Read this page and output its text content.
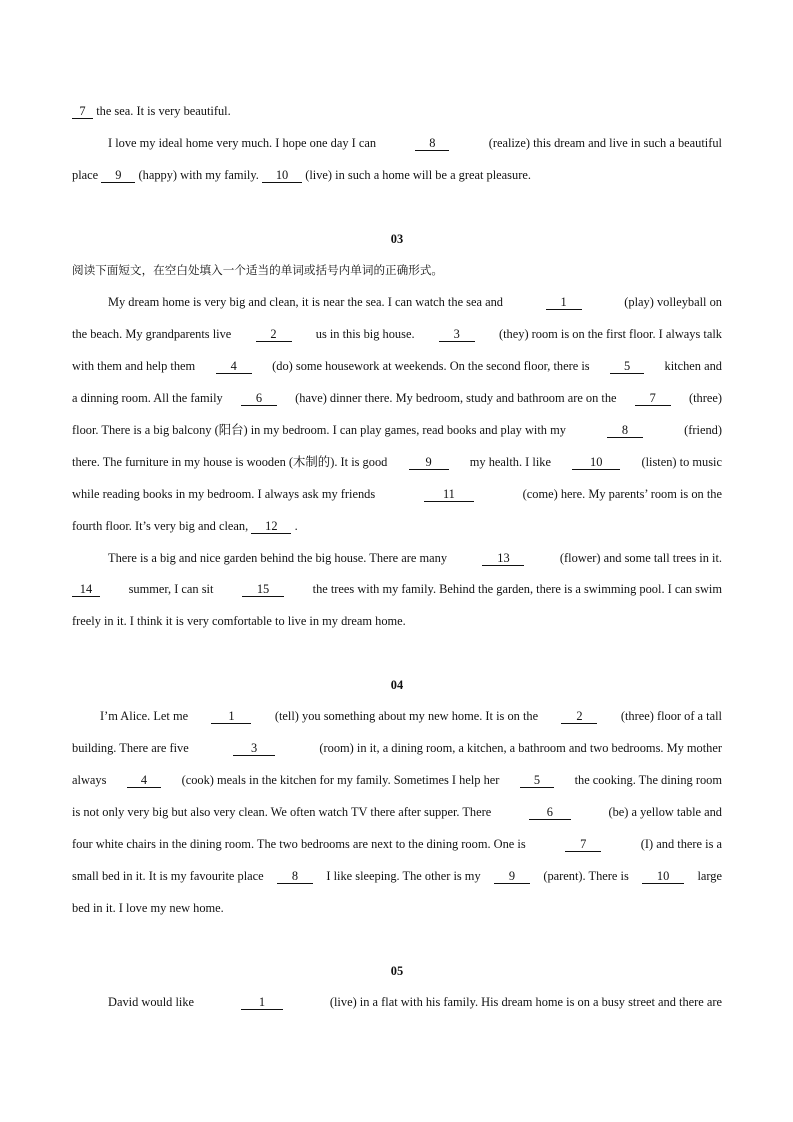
7 the sea. It is very beautiful.
I love my ideal home very much. I hope one day I can	8	(realize) this dream and live in such a beautiful
place	9	(happy) with my family.	10	(live) in such a home will be a great pleasure.
03
阅读下面短文，在空白处填入一个适当的单词或括号内单词的正确形式。
My dream home is very big and clean, it is near the sea. I can watch the sea and	1	(play) volleyball on
the beach. My grandparents live	2	us in this big house.	3	(they) room is on the first floor. I always talk
with them and help them	4	(do) some housework at weekends. On the second floor, there is	5	kitchen and
a dinning room. All the family	6	(have) dinner there. My bedroom, study and bathroom are on the	7	(three)
floor. There is a big balcony (阳台) in my bedroom. I can play games, read books and play with my	8	(friend)
there. The furniture in my house is wooden (木制的). It is good	9	my health. I like	10	(listen) to music
while reading books in my bedroom. I always ask my friends	11	(come) here. My parents’ room is on the
fourth floor. It’s very big and clean,	12	.
There is a big and nice garden behind the big house. There are many	13	(flower) and some tall trees in it.
14	summer, I can sit	15	the trees with my family. Behind the garden, there is a swimming pool. I can swim
freely in it. I think it is very comfortable to live in my dream home.
04
I’m Alice. Let me	1	(tell) you something about my new home. It is on the	2	(three) floor of a tall
building. There are five	3	(room) in it, a dining room, a kitchen, a bathroom and two bedrooms. My mother
always	4	(cook) meals in the kitchen for my family. Sometimes I help her	5	the cooking. The dining room
is not only very big but also very clean. We often watch TV there after supper. There	6	(be) a yellow table and
four white chairs in the dining room. The two bedrooms are next to the dining room. One is	7	(I) and there is a
small bed in it. It is my favourite place	8	I like sleeping. The other is my	9	(parent). There is	10	large
bed in it. I love my new home.
05
David would like	1	(live) in a flat with his family. His dream home is on a busy street and there are
